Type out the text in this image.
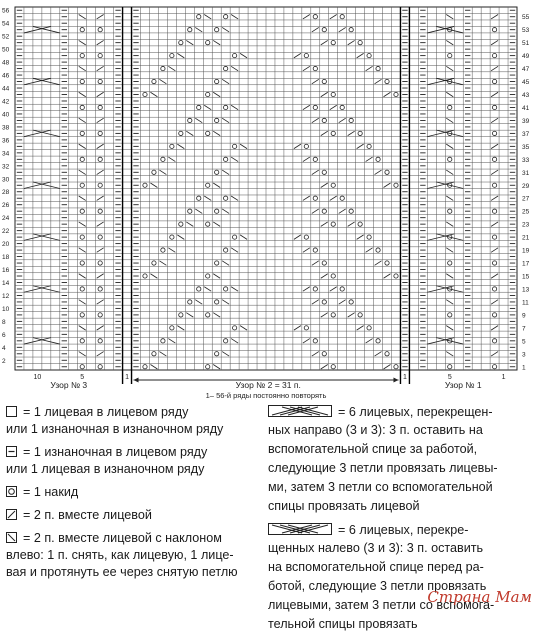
2
4
6
8
10
12
14
16
18
20
22
24
26
28
30
32
34
36
38
40
42
44
46
48
50
52
54
56
1
3
5
7
9
11
13
15
17
19
21
23
25
27
29
31
33
35
37
39
41
43
45
47
49
51
53
55
10	5	1	1	5	1
Узор № 3	Узор № 2 = 31 п.	Узор № 1
1– 56-й ряды постоянно повторять
= 1 лицевая в лицевом ряду
или 1 изнаночная в изнаночном ряду
= 1 изнаночная в лицевом ряду
или 1 лицевая в изнаночном ряду
= 1 накид
= 2 п. вместе лицевой
= 2 п. вместе лицевой с наклоном
влево: 1 п. снять, как лицевую, 1 лице-
вая и протянуть ее через снятую петлю
= 6 лицевых, перекрещен-
ных направо (3 и 3): 3 п. оставить на
вспомогательной спице за работой,
следующие 3 петли провязать лицевы-
ми, затем 3 петли со вспомогательной
спицы провязать лицевой
= 6 лицевых, перекре-
щенных налево (3 и 3): 3 п. оставить
на вспомогательной спице перед ра-
ботой, следующие 3 петли провязать
лицевыми, затем 3 петли со вспомога-
тельной спицы провязать
Страна Мам
